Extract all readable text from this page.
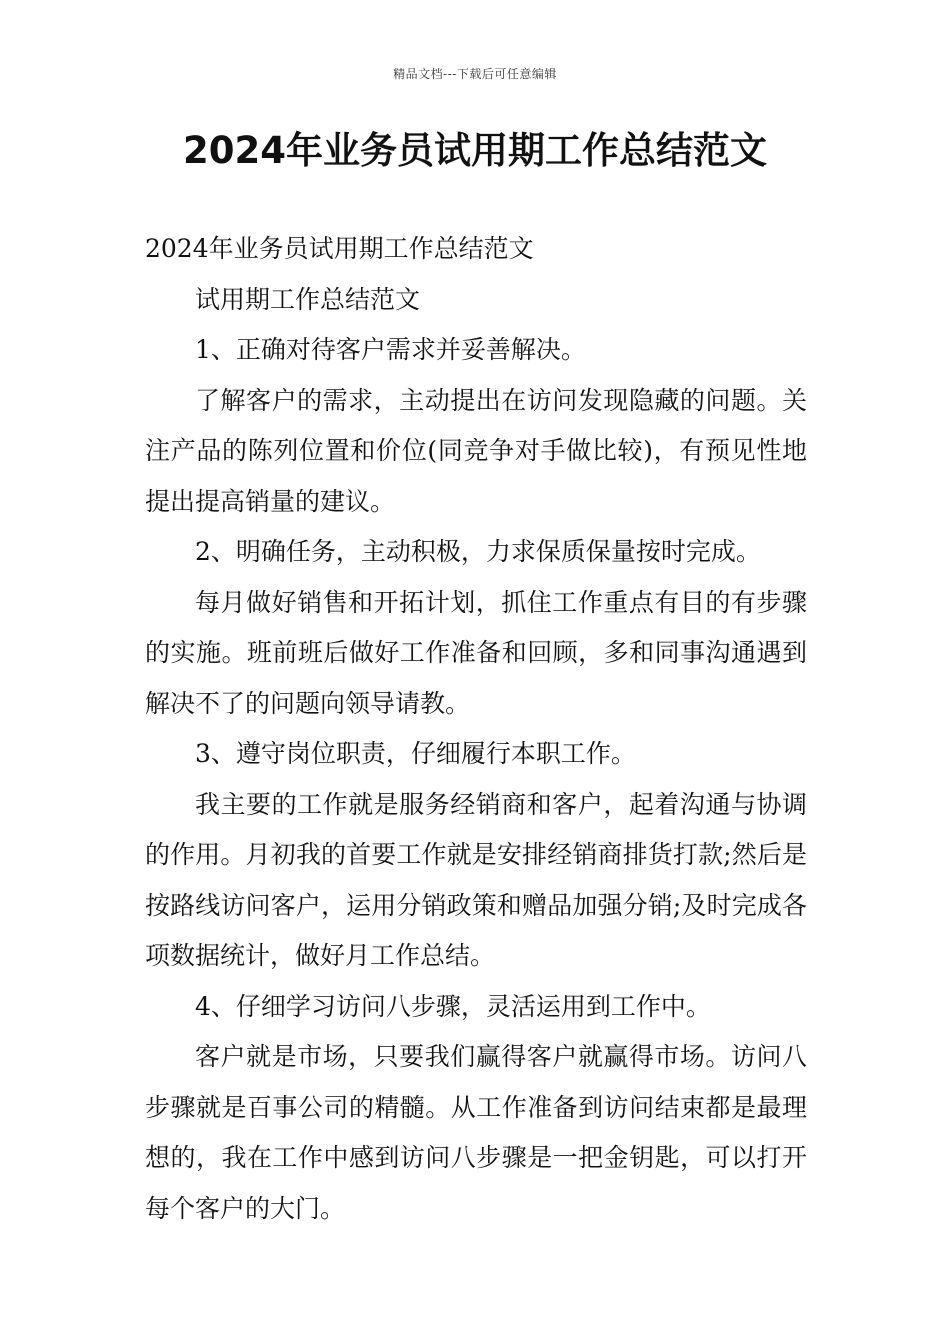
精品文档---下载后可任意编辑
2024年业务员试用期工作总结范文

2024年业务员试用期工作总结范文

试用期工作总结范文

1、正确对待客户需求并妥善解决。

了解客户的需求，主动提出在访问发现隐藏的问题。关注产品的陈列位置和价位(同竞争对手做比较)，有预见性地提出提高销量的建议。

2、明确任务，主动积极，力求保质保量按时完成。

每月做好销售和开拓计划，抓住工作重点有目的有步骤的实施。班前班后做好工作准备和回顾，多和同事沟通遇到解决不了的问题向领导请教。

3、遵守岗位职责，仔细履行本职工作。

我主要的工作就是服务经销商和客户，起着沟通与协调的作用。月初我的首要工作就是安排经销商排货打款;然后是按路线访问客户，运用分销政策和赠品加强分销;及时完成各项数据统计，做好月工作总结。

4、仔细学习访问八步骤，灵活运用到工作中。

客户就是市场，只要我们赢得客户就赢得市场。访问八步骤就是百事公司的精髓。从工作准备到访问结束都是最理想的，我在工作中感到访问八步骤是一把金钥匙，可以打开每个客户的大门。
